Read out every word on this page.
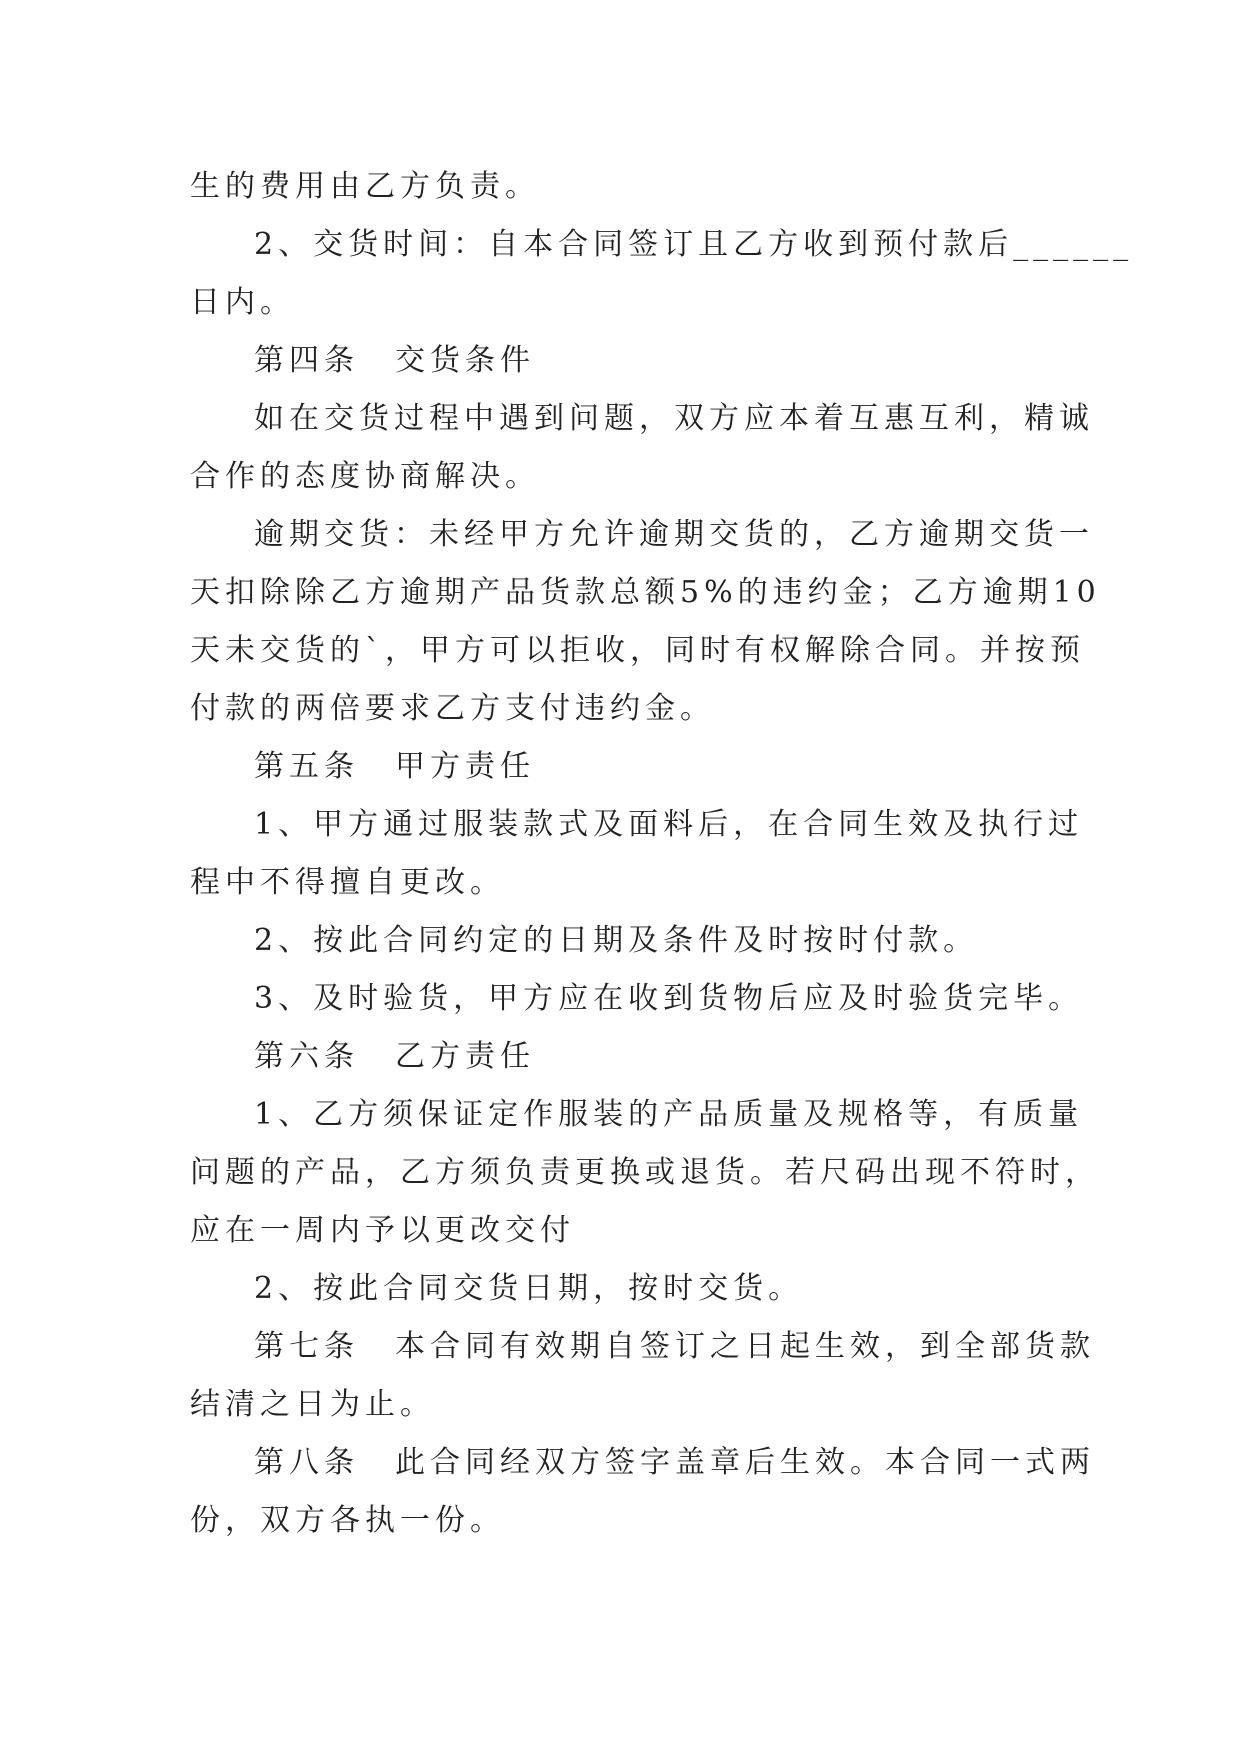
生的费用由乙方负责。

2、交货时间：自本合同签订且乙方收到预付款后______

日内。

第四条 交货条件

如在交货过程中遇到问题，双方应本着互惠互利，精诚

合作的态度协商解决。

逾期交货：未经甲方允许逾期交货的，乙方逾期交货一

天扣除除乙方逾期产品货款总额5%的违约金；乙方逾期10

天未交货的`，甲方可以拒收，同时有权解除合同。并按预

付款的两倍要求乙方支付违约金。

第五条 甲方责任

1、甲方通过服装款式及面料后，在合同生效及执行过

程中不得擅自更改。

2、按此合同约定的日期及条件及时按时付款。

3、及时验货，甲方应在收到货物后应及时验货完毕。

第六条 乙方责任

1、乙方须保证定作服装的产品质量及规格等，有质量

问题的产品，乙方须负责更换或退货。若尺码出现不符时，

应在一周内予以更改交付

2、按此合同交货日期，按时交货。

第七条 本合同有效期自签订之日起生效，到全部货款

结清之日为止。

第八条 此合同经双方签字盖章后生效。本合同一式两

份，双方各执一份。
